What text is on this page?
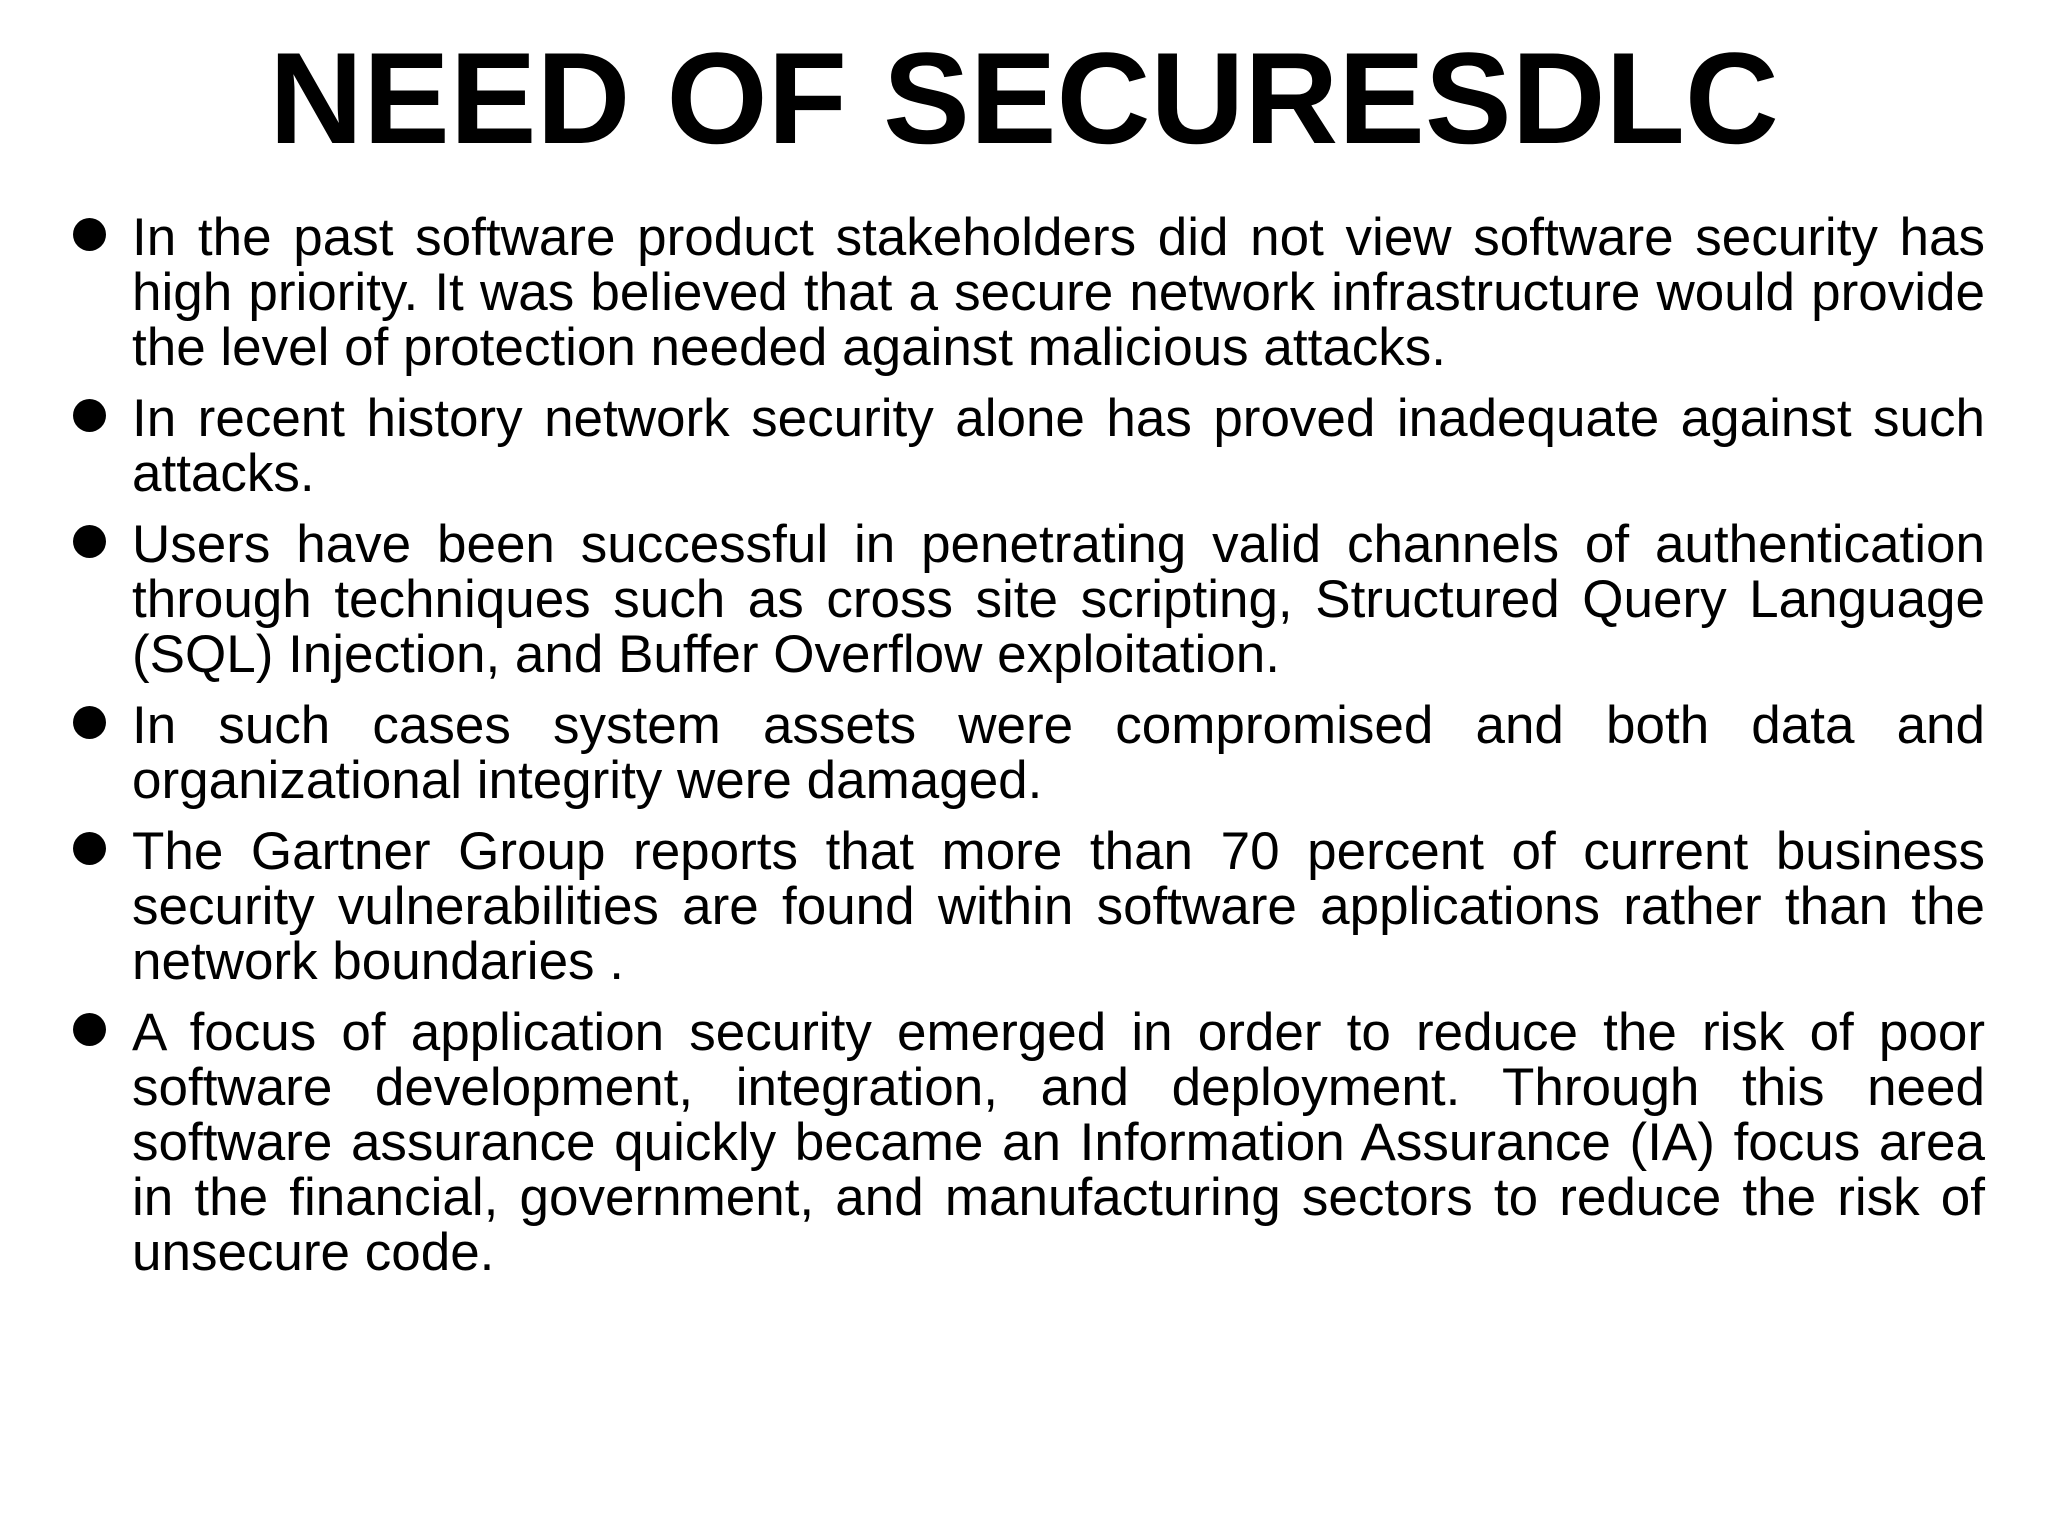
NEED OF SECURESDLC
In the past software product stakeholders did not view software security has high priority. It was believed that a secure network infrastructure would provide the level of protection needed against malicious attacks.
In recent history network security alone has proved inadequate against such attacks.
Users have been successful in penetrating valid channels of authentication through techniques such as cross site scripting, Structured Query Language (SQL) Injection, and Buffer Overflow exploitation.
In such cases system assets were compromised and both data and organizational integrity were damaged.
The Gartner Group reports that more than 70 percent of current business security vulnerabilities are found within software applications rather than the network boundaries .
A focus of application security emerged in order to reduce the risk of poor software development, integration, and deployment. Through this need software assurance quickly became an Information Assurance (IA) focus area in the financial, government, and manufacturing sectors to reduce the risk of unsecure code.
